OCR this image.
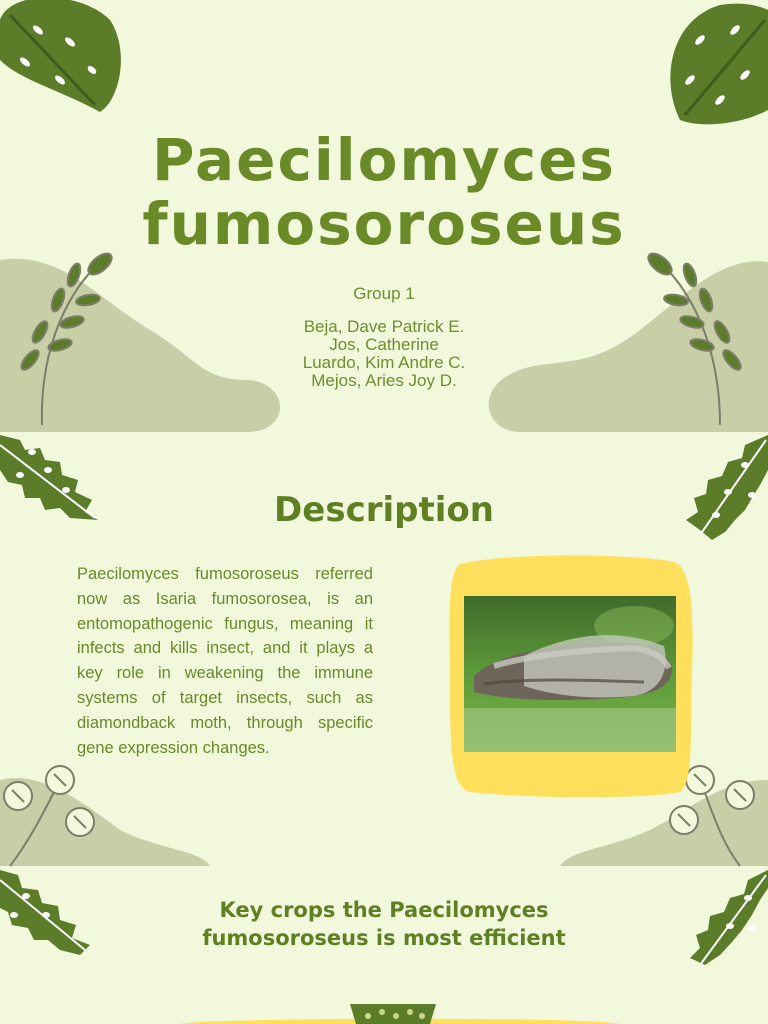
Paecilomyces
fumosoroseus
Group 1
Beja, Dave Patrick E.
Jos, Catherine
Luardo, Kim Andre C.
Mejos, Aries Joy D.
Description
Paecilomyces fumosoroseus referred now as Isaria fumosorosea, is an entomopathogenic fungus, meaning it infects and kills insect, and it plays a key role in weakening the immune systems of target insects, such as diamondback moth, through specific gene expression changes.
Key crops the Paecilomyces
fumosoroseus is most efficient
